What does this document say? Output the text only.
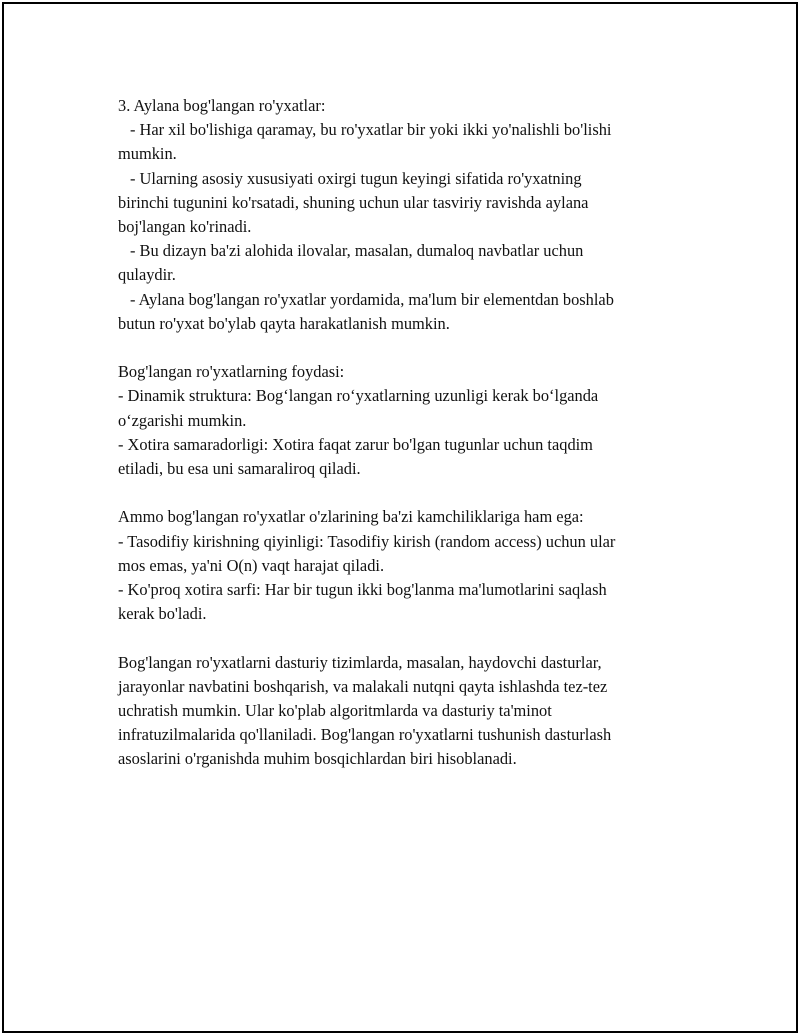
3. Aylana bog'langan ro'yxatlar:
- Har xil bo'lishiga qaramay, bu ro'yxatlar bir yoki ikki yo'nalishli bo'lishi
mumkin.
- Ularning asosiy xususiyati oxirgi tugun keyingi sifatida ro'yxatning
birinchi tugunini ko'rsatadi, shuning uchun ular tasviriy ravishda aylana
boj'langan ko'rinadi.
- Bu dizayn ba'zi alohida ilovalar, masalan, dumaloq navbatlar uchun
qulaydir.
- Aylana bog'langan ro'yxatlar yordamida, ma'lum bir elementdan boshlab
butun ro'yxat bo'ylab qayta harakatlanish mumkin.
Bog'langan ro'yxatlarning foydasi:
- Dinamik struktura: Bog‘langan ro‘yxatlarning uzunligi kerak bo‘lganda
o‘zgarishi mumkin.
- Xotira samaradorligi: Xotira faqat zarur bo'lgan tugunlar uchun taqdim
etiladi, bu esa uni samaraliroq qiladi.
Ammo bog'langan ro'yxatlar o'zlarining ba'zi kamchiliklariga ham ega:
- Tasodifiy kirishning qiyinligi: Tasodifiy kirish (random access) uchun ular
mos emas, ya'ni O(n) vaqt harajat qiladi.
- Ko'proq xotira sarfi: Har bir tugun ikki bog'lanma ma'lumotlarini saqlash
kerak bo'ladi.
Bog'langan ro'yxatlarni dasturiy tizimlarda, masalan, haydovchi dasturlar,
jarayonlar navbatini boshqarish, va malakali nutqni qayta ishlashda tez-tez
uchratish mumkin. Ular ko'plab algoritmlarda va dasturiy ta'minot
infratuzilmalarida qo'llaniladi. Bog'langan ro'yxatlarni tushunish dasturlash
asoslarini o'rganishda muhim bosqichlardan biri hisoblanadi.
